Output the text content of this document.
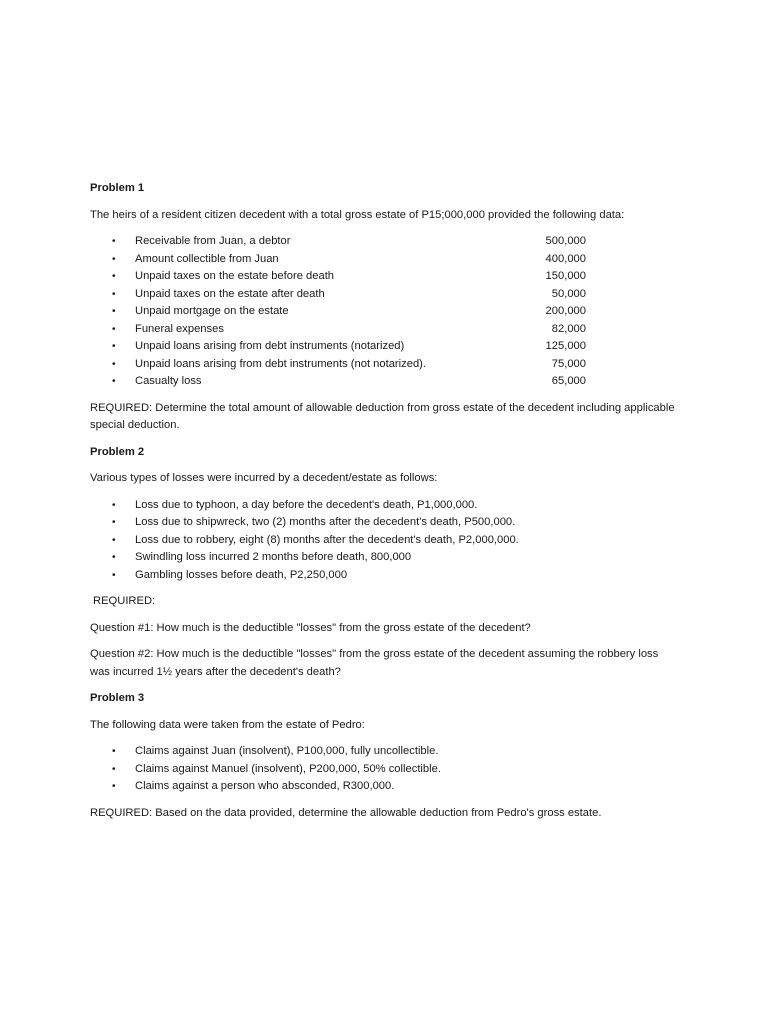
Problem 1
The heirs of a resident citizen decedent with a total gross estate of P15;000,000 provided the following data:
• Receivable from Juan, a debtor	500,000
• Amount collectible from Juan	400,000
• Unpaid taxes on the estate before death	150,000
• Unpaid taxes on the estate after death	50,000
• Unpaid mortgage on the estate	200,000
• Funeral expenses	82,000
• Unpaid loans arising from debt instruments (notarized)	125,000
• Unpaid loans arising from debt instruments (not notarized).	75,000
• Casualty loss	65,000
REQUIRED: Determine the total amount of allowable deduction from gross estate of the decedent including applicable special deduction.
Problem 2
Various types of losses were incurred by a decedent/estate as follows:
• Loss due to typhoon, a day before the decedent's death, P1,000,000.
• Loss due to shipwreck, two (2) months after the decedent's death, P500,000.
• Loss due to robbery, eight (8) months after the decedent's death, P2,000,000.
• Swindling loss incurred 2 months before death, 800,000
• Gambling losses before death, P2,250,000
REQUIRED:
Question #1: How much is the deductible "losses" from the gross estate of the decedent?
Question #2: How much is the deductible "losses" from the gross estate of the decedent assuming the robbery loss was incurred 1½ years after the decedent's death?
Problem 3
The following data were taken from the estate of Pedro:
• Claims against Juan (insolvent), P100,000, fully uncollectible.
• Claims against Manuel (insolvent), P200,000, 50% collectible.
• Claims against a person who absconded, R300,000.
REQUIRED: Based on the data provided, determine the allowable deduction from Pedro's gross estate.
